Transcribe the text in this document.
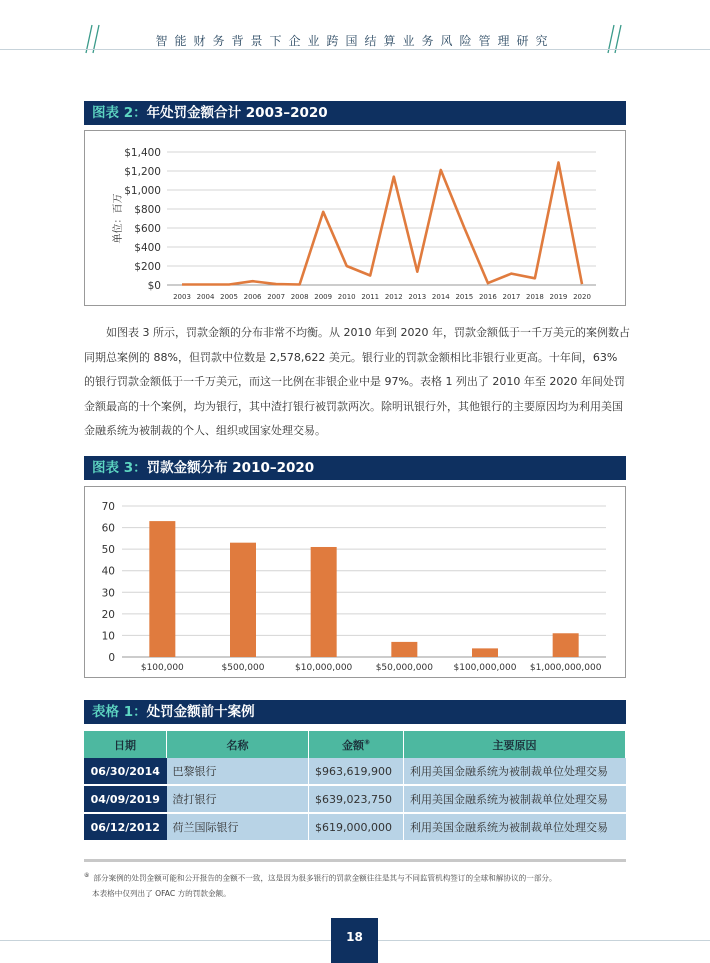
智能财务背景下企业跨国结算业务风险管理研究
图表 2：年处罚金额合计 2003–2020
$0
$200
$400
$600
$800
$1,000
$1,200
$1,400
单位：百万
2003 2004 2005 2006 2007 2008 2009 2010 2011 2012 2013 2014 2015 2016 2017 2018 2019 2020

如图表 3 所示，罚款金额的分布非常不均衡。从 2010 年到 2020 年，罚款金额低于一千万美元的案例数占同期总案例的 88%，但罚款中位数是 2,578,622 美元。银行业的罚款金额相比非银行业更高。十年间，63% 的银行罚款金额低于一千万美元，而这一比例在非银企业中是 97%。表格 1 列出了 2010 年至 2020 年间处罚金额最高的十个案例，均为银行，其中渣打银行被罚款两次。除明讯银行外，其他银行的主要原因均为利用美国金融系统为被制裁的个人、组织或国家处理交易。

图表 3：罚款金额分布 2010–2020
0
10
20
30
40
50
60
70
$100,000	$500,000	$10,000,000	$50,000,000 $100,000,000 $1,000,000,000
表格 1：处罚金额前十案例
日期	名称	金额⑧	主要原因
06/30/2014	巴黎银行	$963,619,900	利用美国金融系统为被制裁单位处理交易
04/09/2019	渣打银行	$639,023,750	利用美国金融系统为被制裁单位处理交易
06/12/2012	荷兰国际银行	$619,000,000	利用美国金融系统为被制裁单位处理交易
⑧ 部分案例的处罚金额可能和公开报告的金额不一致，这是因为很多银行的罚款金额往往是其与不同监管机构签订的全球和解协议的一部分。
本表格中仅列出了 OFAC 方的罚款金额。
18
